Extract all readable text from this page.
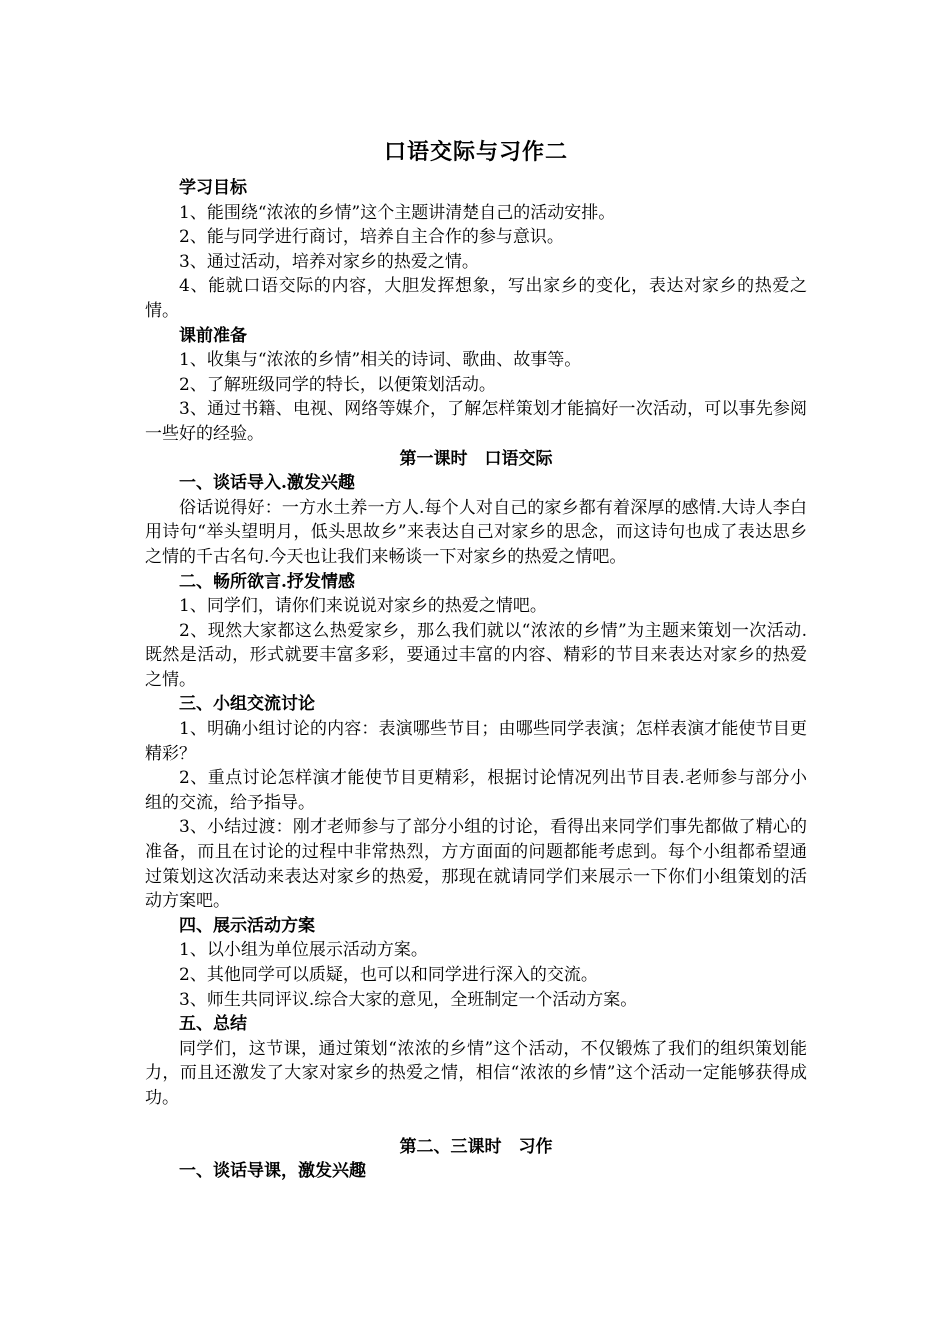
口语交际与习作二
学习目标

1、能围绕“浓浓的乡情”这个主题讲清楚自己的活动安排。

2、能与同学进行商讨，培养自主合作的参与意识。

3、通过活动，培养对家乡的热爱之情。

4、能就口语交际的内容，大胆发挥想象，写出家乡的变化，表达对家乡的热爱之情。

课前准备

1、收集与“浓浓的乡情”相关的诗词、歌曲、故事等。

2、了解班级同学的特长，以便策划活动。

3、通过书籍、电视、网络等媒介，了解怎样策划才能搞好一次活动，可以事先参阅一些好的经验。

第一课时　口语交际
一、谈话导入.激发兴趣

俗话说得好：一方水土养一方人.每个人对自己的家乡都有着深厚的感情.大诗人李白用诗句“举头望明月，低头思故乡”来表达自己对家乡的思念，而这诗句也成了表达思乡之情的千古名句.今天也让我们来畅谈一下对家乡的热爱之情吧。

二、畅所欲言.抒发情感

1、同学们，请你们来说说对家乡的热爱之情吧。

2、现然大家都这么热爱家乡，那么我们就以“浓浓的乡情”为主题来策划一次活动.既然是活动，形式就要丰富多彩，要通过丰富的内容、精彩的节目来表达对家乡的热爱之情。

三、小组交流讨论

1、明确小组讨论的内容：表演哪些节目；由哪些同学表演；怎样表演才能使节目更精彩？

2、重点讨论怎样演才能使节目更精彩，根据讨论情况列出节目表.老师参与部分小组的交流，给予指导。

3、小结过渡：刚才老师参与了部分小组的讨论，看得出来同学们事先都做了精心的准备，而且在讨论的过程中非常热烈，方方面面的问题都能考虑到。每个小组都希望通过策划这次活动来表达对家乡的热爱，那现在就请同学们来展示一下你们小组策划的活动方案吧。

四、展示活动方案

1、以小组为单位展示活动方案。

2、其他同学可以质疑，也可以和同学进行深入的交流。

3、师生共同评议.综合大家的意见，全班制定一个活动方案。

五、总结

同学们，这节课，通过策划“浓浓的乡情”这个活动，不仅锻炼了我们的组织策划能力，而且还激发了大家对家乡的热爱之情，相信“浓浓的乡情”这个活动一定能够获得成功。

第二、三课时　习作
一、谈话导课，激发兴趣
